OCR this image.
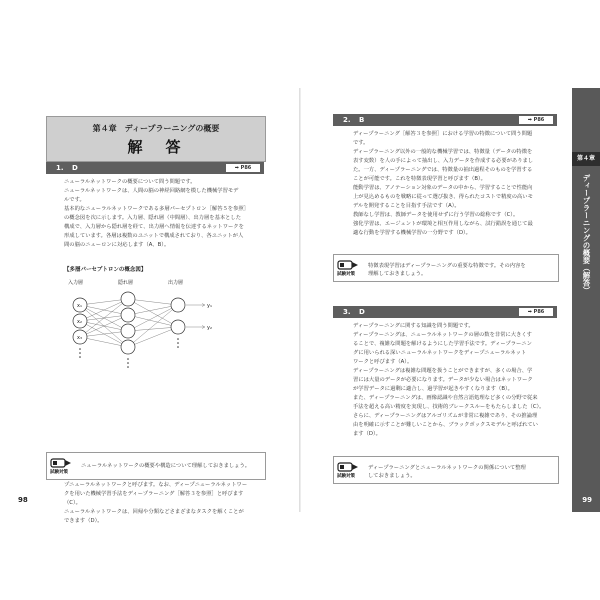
第４章　ディープラーニングの概要
解　答
1. D	➡ P86

ニューラルネットワークの概要について問う問題です。

ニューラルネットワークは、人間の脳の神経回路網を模した機械学習モデ

ルです。

基本的なニューラルネットワークである多層パーセプトロン［解答５を参照］

の概念図を次に示します。入力層、隠れ層（中間層）、出力層を基本とした

構成で、入力層から隠れ層を経て、出力層へ情報を伝達するネットワークを

形成しています。各層は複数のユニットで構成されており、各ユニットが人

間の脳のニューロンに対応します（A、B）。

【多層パーセプトロンの概念図】
入力層	隠れ層	出力層
x₁
x₂
x₃
y₁
y₂

プニューラルネットワークと呼びます。なお、ディープニューラルネットワー

クを用いた機械学習手法をディープラーニング［解答３を参照］と呼びます

（C）。

ニューラルネットワークは、回帰や分類などさまざまなタスクを解くことが

できます（D）。

98
2. B	➡ P86

ディープラーニング［解答３を参照］における学習の特徴について問う問題

です。

ディープラーニング以外の一般的な機械学習では、特徴量（データの特徴を

表す変数）を人の手によって抽出し、入力データを作成する必要がありまし

た。一方、ディープラーニングでは、特徴量の抽出過程そのものを学習する

ことが可能です。これを特徴表現学習と呼びます（B）。

能動学習は、アノテーション対象のデータの中から、学習することで性能向

上が見込めるものを戦略に従って選び抜き、得られたコストで精度の高いモ

デルを開発することを目指す手法です（A）。

教師なし学習は、教師データを使用せずに行う学習の総称です（C）。

強化学習は、エージェントが環境と相互作用しながら、試行錯誤を通じて最

適な行動を学習する機械学習の一分野です（D）。

試験対策
特徴表現学習はディープラーニングの重要な特徴です。その内容を
理解しておきましょう。
3. D	➡ P86

ディープラーニングに関する知識を問う問題です。

ディープラーニングは、ニューラルネットワークの層の数を非常に大きくす

ることで、複雑な問題を解けるようにした学習手法です。ディープラーニン

グに用いられる深いニューラルネットワークをディープニューラルネット

ワークと呼びます（A）。

ディープラーニングは複雑な問題を扱うことができますが、多くの場合、学

習には大量のデータが必要になります。データが少ない場合はネットワーク

が学習データに過剰に適合し、過学習が起きやすくなります（B）。

また、ディープラーニングは、画像認識や自然言語処理など多くの分野で従来

手法を超える高い精度を実現し、技術的ブレークスルーをもたらしました（C）。

さらに、ディープラーニングはアルゴリズムが非常に複雑であり、その推論理

由を明確に示すことが難しいことから、ブラックボックスモデルと呼ばれてい

ます（D）。

試験対策
ディープラーニングとニューラルネットワークの関係について整理
しておきましょう。
第４章
ディープラーニングの概要（解答）
99
試験対策
ニューラルネットワークの概要や構造について理解しておきましょう。
